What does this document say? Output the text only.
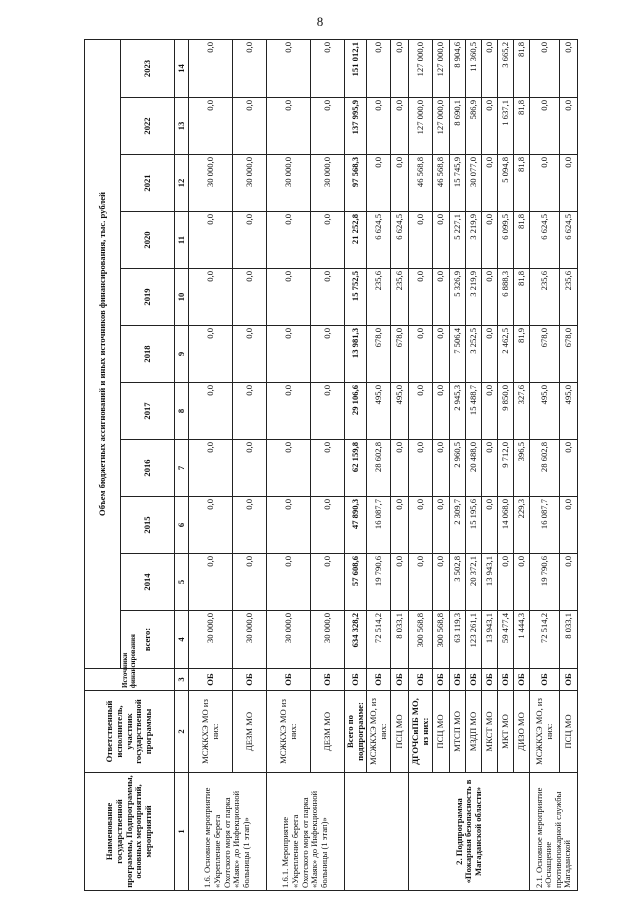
8
Наименование государственной программы, Подпрограммы, основных мероприятий, мероприятий	Ответственный исполнитель, участник государственной программы	Источники финансирования	Объем бюджетных ассигнований и иных источников финансирования, тыс. рублей										
			всего:	2014	2015	2016	2017	2018	2019	2020	2021	2022	2023
1	2	3	4	5	6	7	8	9	10	11	12	13	14
1.6. Основное мероприятие «Укрепление берега Охотского моря от парка «Маяк» до Инфекционной больницы (1 этап)»	МСЖКХЭ МО из них:	ОБ	30 000,0	0,0	0,0	0,0	0,0	0,0	0,0	0,0	30 000,0	0,0	0,0
	ДЕЗМ МО	ОБ	30 000,0	0,0	0,0	0,0	0,0	0,0	0,0	0,0	30 000,0	0,0	0,0
1.6.1. Мероприятие «Укрепление берега Охотского моря от парка «Маяк» до Инфекционной больницы (1 этап)»	МСЖКХЭ МО из них:	ОБ	30 000,0	0,0	0,0	0,0	0,0	0,0	0,0	0,0	30 000,0	0,0	0,0
	ДЕЗМ МО	ОБ	30 000,0	0,0	0,0	0,0	0,0	0,0	0,0	0,0	30 000,0	0,0	0,0
	Всего по подпрограмме:	ОБ	634 328,2	57 608,6	47 890,3	62 159,8	29 106,6	13 981,3	15 752,5	21 252,8	97 568,3	137 995,9	151 012,1
	МСЖКХЭ МО, из них:	ОБ	72 514,2	19 790,6	16 087,7	28 602,8	495,0	678,0	235,6	6 624,5	0,0	0,0	0,0
	ПСЦ МО	ОБ	8 033,1	0,0	0,0	0,0	495,0	678,0	235,6	6 624,5	0,0	0,0	0,0
2. Подпрограмма «Пожарная безопасность в Магаданской области»	ДГОЧСиПБ МО, из них:	ОБ	300 568,8	0,0	0,0	0,0	0,0	0,0	0,0	0,0	46 568,8	127 000,0	127 000,0
	ПСЦ МО	ОБ	300 568,8	0,0	0,0	0,0	0,0	0,0	0,0	0,0	46 568,8	127 000,0	127 000,0
	МТСП МО	ОБ	63 119,3	3 502,8	2 309,7	2 960,5	2 945,3	7 506,4	5 326,9	5 227,1	15 745,9	8 690,1	8 904,6
	МЗДП МО	ОБ	123 261,1	20 372,1	15 195,6	20 488,0	15 488,7	3 252,5	3 219,9	3 219,9	30 077,0	586,9	11 360,5
	МКСТ МО	ОБ	13 943,1	13 943,1	0,0	0,0	0,0	0,0	0,0	0,0	0,0	0,0	0,0
	МКТ МО	ОБ	59 477,4	0,0	14 068,0	9 712,0	9 850,0	2 462,5	6 888,3	6 099,5	5 094,8	1 637,1	3 665,2
	ДИЗО МО	ОБ	1 444,3	0,0	229,3	396,5	327,6	81,9	81,8	81,8	81,8	81,8	81,8
2.1. Основное мероприятие «Оснащение противопожарной службы Магаданской	МСЖКХЭ МО, из них:	ОБ	72 514,2	19 790,6	16 087,7	28 602,8	495,0	678,0	235,6	6 624,5	0,0	0,0	0,0
	ПСЦ МО	ОБ	8 033,1	0,0	0,0	0,0	495,0	678,0	235,6	6 624,5	0,0	0,0	0,0
